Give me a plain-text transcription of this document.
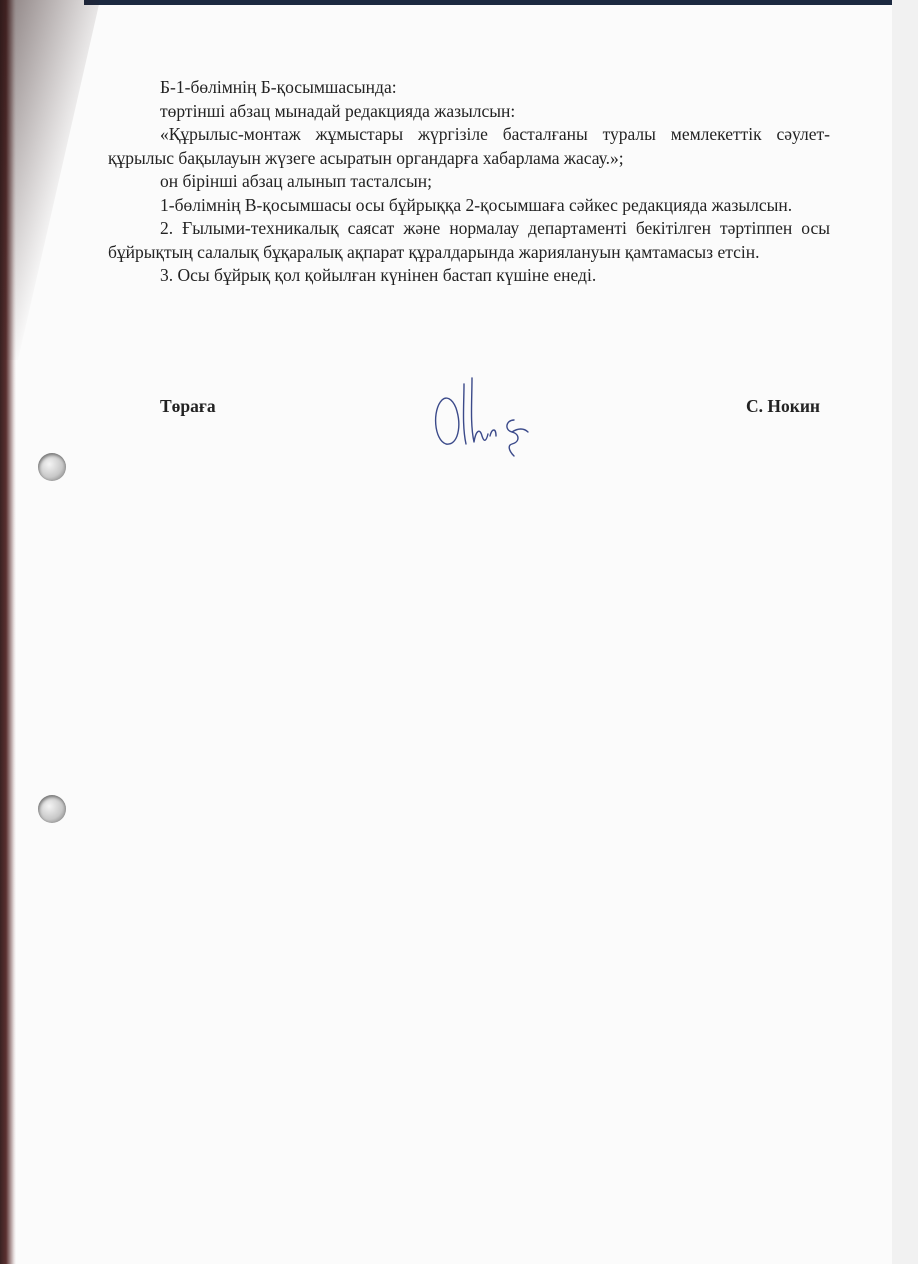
Б-1-бөлімнің Б-қосымшасында:

төртінші абзац мынадай редакцияда жазылсын:

«Құрылыс-монтаж жұмыстары жүргізіле басталғаны туралы мемлекеттік сәулет-құрылыс бақылауын жүзеге асыратын органдарға хабарлама жасау.»;

он бірінші абзац алынып тасталсын;

1-бөлімнің В-қосымшасы осы бұйрыққа 2-қосымшаға сәйкес редакцияда жазылсын.

2. Ғылыми-техникалық саясат және нормалау департаменті бекітілген тәртіппен осы бұйрықтың салалық бұқаралық ақпарат құралдарында жариялануын қамтамасыз етсін.

3. Осы бұйрық қол қойылған күнінен бастап күшіне енеді.

Төраға	С. Нокин
